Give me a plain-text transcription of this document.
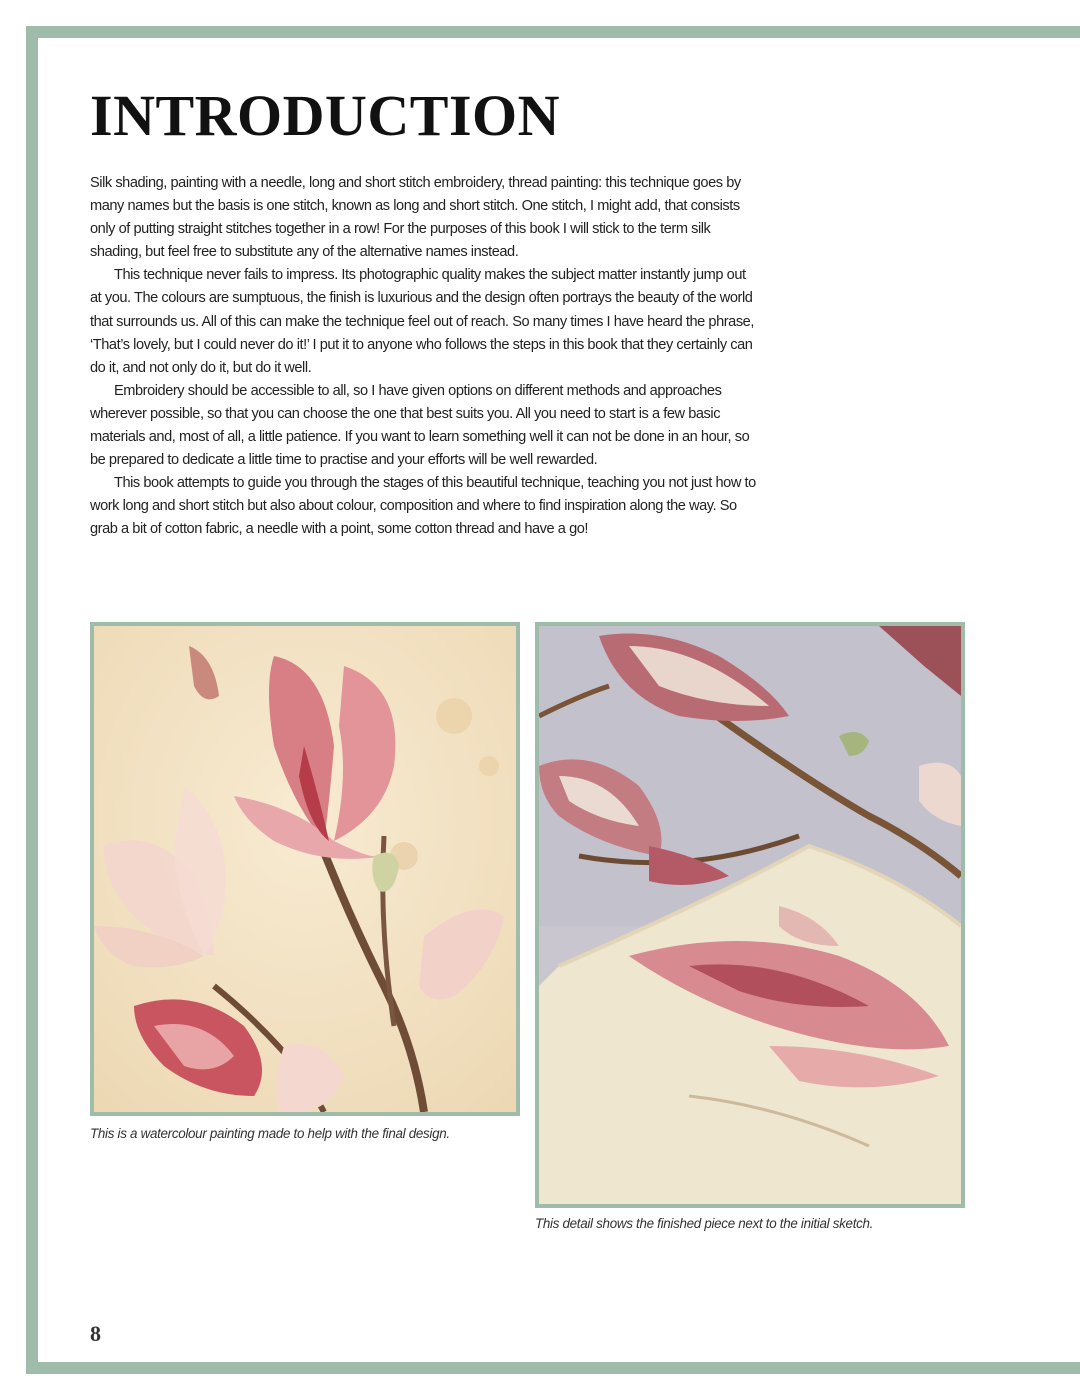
INTRODUCTION

Silk shading, painting with a needle, long and short stitch embroidery, thread painting: this technique goes by many names but the basis is one stitch, known as long and short stitch. One stitch, I might add, that consists only of putting straight stitches together in a row! For the purposes of this book I will stick to the term silk shading, but feel free to substitute any of the alternative names instead.

This technique never fails to impress. Its photographic quality makes the subject matter instantly jump out at you. The colours are sumptuous, the finish is luxurious and the design often portrays the beauty of the world that surrounds us. All of this can make the technique feel out of reach. So many times I have heard the phrase, ‘That’s lovely, but I could never do it!’ I put it to anyone who follows the steps in this book that they certainly can do it, and not only do it, but do it well.

Embroidery should be accessible to all, so I have given options on different methods and approaches wherever possible, so that you can choose the one that best suits you. All you need to start is a few basic materials and, most of all, a little patience. If you want to learn something well it can not be done in an hour, so be prepared to dedicate a little time to practise and your efforts will be well rewarded.

This book attempts to guide you through the stages of this beautiful technique, teaching you not just how to work long and short stitch but also about colour, composition and where to find inspiration along the way. So grab a bit of cotton fabric, a needle with a point, some cotton thread and have a go!

This is a watercolour painting made to help with the final design.

This detail shows the finished piece next to the initial sketch.

8
